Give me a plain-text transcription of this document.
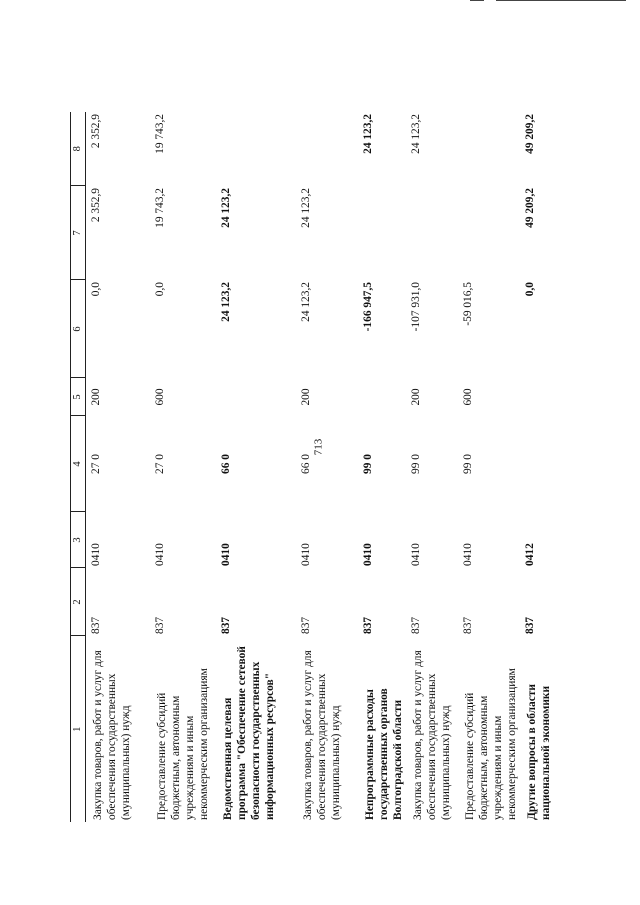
713
1	2	3	4	5	6	7	8
Закупка товаров, работ и услуг для обеспечения государственных (муниципальных) нужд	837	0410	27 0	200	0,0	2 352,9	2 352,9
Предоставление субсидий бюджетным, автономным учреждениям и иным некоммерческим организациям	837	0410	27 0	600	0,0	19 743,2	19 743,2
Ведомственная целевая программа "Обеспечение сетевой безопасности государственных информационных ресурсов"	837	0410	66 0		24 123,2	24 123,2	
Закупка товаров, работ и услуг для обеспечения государственных (муниципальных) нужд	837	0410	66 0	200	24 123,2	24 123,2	
Непрограммные расходы государственных органов Волгоградской области	837	0410	99 0		-166 947,5		24 123,2
Закупка товаров, работ и услуг для обеспечения государственных (муниципальных) нужд	837	0410	99 0	200	-107 931,0		24 123,2
Предоставление субсидий бюджетным, автономным учреждениям и иным некоммерческим организациям	837	0410	99 0	600	-59 016,5		
Другие вопросы в области национальной экономики	837	0412			0,0	49 209,2	49 209,2
